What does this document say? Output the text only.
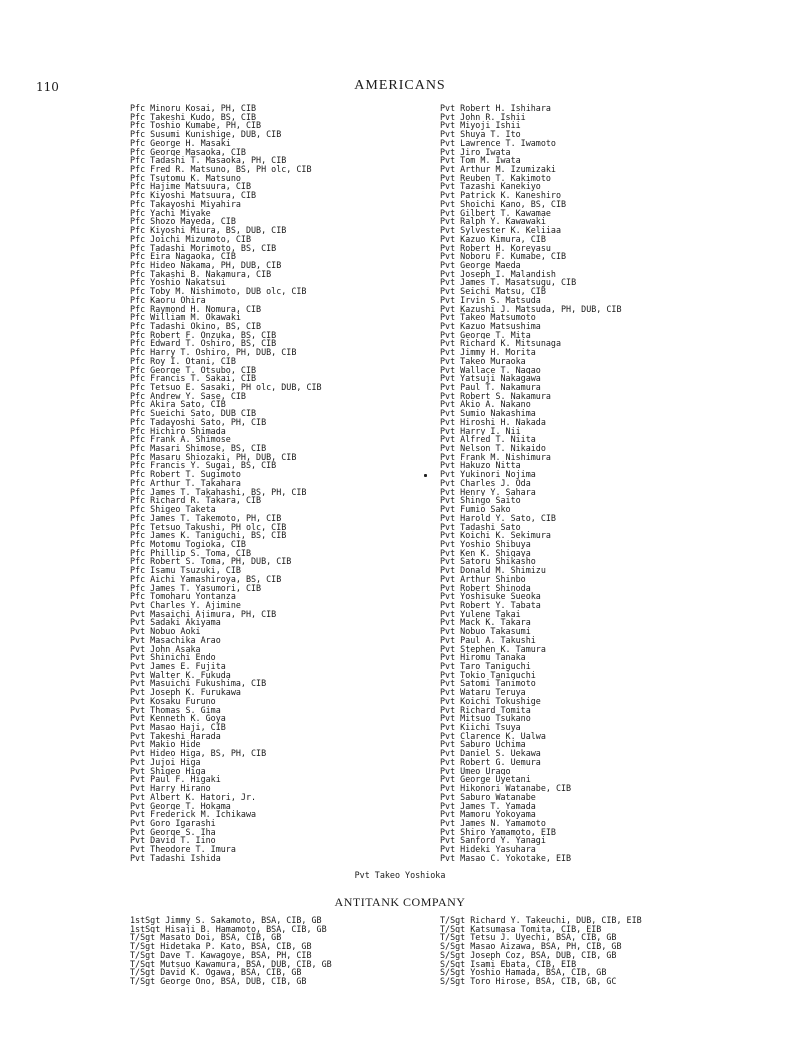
110	AMERICANS
Pfc Minoru Kosai, PH, CIB
Pfc Takeshi Kudo, BS, CIB
Pfc Toshio Kumabe, PH, CIB
Pfc Susumi Kunishige, DUB, CIB
Pfc George H. Masaki
Pfc George Masaoka, CIB
Pfc Tadashi T. Masaoka, PH, CIB
Pfc Fred R. Matsuno, BS, PH olc, CIB
Pfc Tsutomu K. Matsuno
Pfc Hajime Matsuura, CIB
Pfc Kiyoshi Matsuura, CIB
Pfc Takayoshi Miyahira
Pfc Yachi Miyake
Pfc Shozo Mayeda, CIB
Pfc Kiyoshi Miura, BS, DUB, CIB
Pfc Joichi Mizumoto, CIB
Pfc Tadashi Morimoto, BS, CIB
Pfc Eira Nagaoka, CIB
Pfc Hideo Nakama, PH, DUB, CIB
Pfc Takashi B. Nakamura, CIB
Pfc Yoshio Nakatsui
Pfc Toby M. Nishimoto, DUB olc, CIB
Pfc Kaoru Ohira
Pfc Raymond H. Nomura, CIB
Pfc William M. Okawaki
Pfc Tadashi Okino, BS, CIB
Pfc Robert F. Onzuka, BS, CIB
Pfc Edward T. Oshiro, BS, CIB
Pfc Harry T. Oshiro, PH, DUB, CIB
Pfc Roy I. Otani, CIB
Pfc George T. Otsubo, CIB
Pfc Francis T. Sakai, CIB
Pfc Tetsuo E. Sasaki, PH olc, DUB, CIB
Pfc Andrew Y. Sase, CIB
Pfc Akira Sato, CIB
Pfc Sueichi Sato, DUB CIB
Pfc Tadayoshi Sato, PH, CIB
Pfc Hichiro Shimada
Pfc Frank A. Shimose
Pfc Masari Shimose, BS, CIB
Pfc Masaru Shiozaki, PH, DUB, CIB
Pfc Francis Y. Sugai, BS, CIB
Pfc Robert T. Sugimoto
Pfc Arthur T. Takahara
Pfc James T. Takahashi, BS, PH, CIB
Pfc Richard R. Takara, CIB
Pfc Shigeo Taketa
Pfc James T. Takemoto, PH, CIB
Pfc Tetsuo Takushi, PH olc, CIB
Pfc James K. Taniguchi, BS, CIB
Pfc Motomu Togioka, CIB
Pfc Phillip S. Toma, CIB
Pfc Robert S. Toma, PH, DUB, CIB
Pfc Isamu Tsuzuki, CIB
Pfc Aichi Yamashiroya, BS, CIB
Pfc James T. Yasumori, CIB
Pfc Tomoharu Yontanza
Pvt Charles Y. Ajimine
Pvt Masaichi Ajimura, PH, CIB
Pvt Sadaki Akiyama
Pvt Nobuo Aoki
Pvt Masachika Arao
Pvt John Asaka
Pvt Shinichi Endo
Pvt James E. Fujita
Pvt Walter K. Fukuda
Pvt Masuichi Fukushima, CIB
Pvt Joseph K. Furukawa
Pvt Kosaku Furuno
Pvt Thomas S. Gima
Pvt Kenneth K. Goya
Pvt Masao Haji, CIB
Pvt Takeshi Harada
Pvt Makio Hide
Pvt Hideo Higa, BS, PH, CIB
Pvt Jujoi Higa
Pvt Shigeo Higa
Pvt Paul F. Higaki
Pvt Harry Hirano
Pvt Albert K. Hatori, Jr.
Pvt George T. Hokama
Pvt Frederick M. Ichikawa
Pvt Goro Igarashi
Pvt George S. Iha
Pvt David T. Iino
Pvt Theodore T. Imura
Pvt Tadashi Ishida
Pvt Robert H. Ishihara
Pvt John R. Ishii
Pvt Miyoji Ishii
Pvt Shuya T. Ito
Pvt Lawrence T. Iwamoto
Pvt Jiro Iwata
Pvt Tom M. Iwata
Pvt Arthur M. Izumizaki
Pvt Reuben T. Kakimoto
Pvt Tazashi Kanekiyo
Pvt Patrick K. Kaneshiro
Pvt Shoichi Kano, BS, CIB
Pvt Gilbert T. Kawamae
Pvt Ralph Y. Kawawaki
Pvt Sylvester K. Keliiaa
Pvt Kazuo Kimura, CIB
Pvt Robert H. Koreyasu
Pvt Noboru F. Kumabe, CIB
Pvt George Maeda
Pvt Joseph I. Malandish
Pvt James T. Masatsugu, CIB
Pvt Seichi Matsu, CIB
Pvt Irvin S. Matsuda
Pvt Kazushi J. Matsuda, PH, DUB, CIB
Pvt Takeo Matsumoto
Pvt Kazuo Matsushima
Pvt George T. Mita
Pvt Richard K. Mitsunaga
Pvt Jimmy H. Morita
Pvt Takeo Muraoka
Pvt Wallace T. Nagao
Pvt Yatsuji Nakagawa
Pvt Paul T. Nakamura
Pvt Robert S. Nakamura
Pvt Akio A. Nakano
Pvt Sumio Nakashima
Pvt Hiroshi H. Nakada
Pvt Harry I. Nii
Pvt Alfred T. Niita
Pvt Nelson T. Nikaido
Pvt Frank M. Nishimura
Pvt Hakuzo Nitta
Pvt Yukinori Nojima
Pvt Charles J. Oda
Pvt Henry Y. Sahara
Pvt Shingo Saito
Pvt Fumio Sako
Pvt Harold Y. Sato, CIB
Pvt Tadashi Sato
Pvt Koichi K. Sekimura
Pvt Yoshio Shibuya
Pvt Ken K. Shigaya
Pvt Satoru Shikasho
Pvt Donald M. Shimizu
Pvt Arthur Shinbo
Pvt Robert Shinoda
Pvt Yoshisuke Sueoka
Pvt Robert Y. Tabata
Pvt Yulene Takai
Pvt Mack K. Takara
Pvt Nobuo Takasumi
Pvt Paul A. Takushi
Pvt Stephen K. Tamura
Pvt Hiromu Tanaka
Pvt Taro Taniguchi
Pvt Tokio Taniguchi
Pvt Satomi Tanimoto
Pvt Wataru Teruya
Pvt Koichi Tokushige
Pvt Richard Tomita
Pvt Mitsuo Tsukano
Pvt Kiichi Tsuya
Pvt Clarence K. Ualwa
Pvt Saburo Uchima
Pvt Daniel S. Uekawa
Pvt Robert G. Uemura
Pvt Umeo Urago
Pvt George Uyetani
Pvt Hikonori Watanabe, CIB
Pvt Saburo Watanabe
Pvt James T. Yamada
Pvt Mamoru Yokoyama
Pvt James N. Yamamoto
Pvt Shiro Yamamoto, EIB
Pvt Sanford Y. Yanagi
Pvt Hideki Yasuhara
Pvt Masao C. Yokotake, EIB
Pvt Takeo Yoshioka
ANTITANK COMPANY
1stSgt Jimmy S. Sakamoto, BSA, CIB, GB
1stSgt Hisaji B. Hamamoto, BSA, CIB, GB
T/Sgt Masato Doi, BSA, CIB, GB
T/Sgt Hidetaka P. Kato, BSA, CIB, GB
T/Sgt Dave T. Kawagoye, BSA, PH, CIB
T/Sgt Mutsuo Kawamura, BSA, DUB, CIB, GB
T/Sgt David K. Ogawa, BSA, CIB, GB
T/Sgt George Ono, BSA, DUB, CIB, GB
T/Sgt Richard Y. Takeuchi, DUB, CIB, EIB
T/Sgt Katsumasa Tomita, CIB, EIB
T/Sgt Tetsu J. Uyechi, BSA, CIB, GB
S/Sgt Masao Aizawa, BSA, PH, CIB, GB
S/Sgt Joseph Coz, BSA, DUB, CIB, GB
S/Sgt Isami Ebata, CIB, EIB
S/Sgt Yoshio Hamada, BSA, CIB, GB
S/Sgt Toro Hirose, BSA, CIB, GB, GC
